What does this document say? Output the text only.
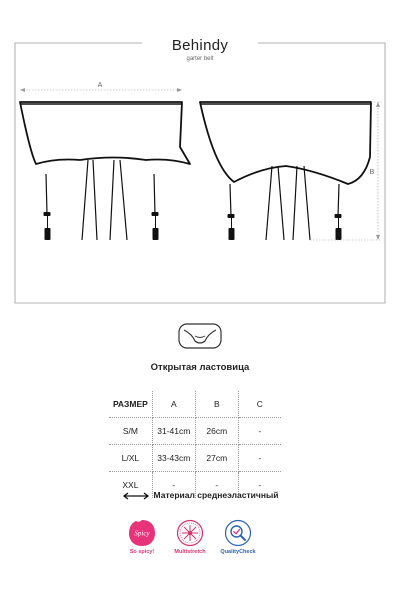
Behindy
garter belt
A
B
Открытая ластовица
РАЗМЕР	A	B	C
S/M	31-41cm	26cm	-
L/XL	33-43cm	27cm	-
XXL	-	-	-
Материал среднеэластичный
Spicy
So spicy!	Multistretch	QualityCheck
